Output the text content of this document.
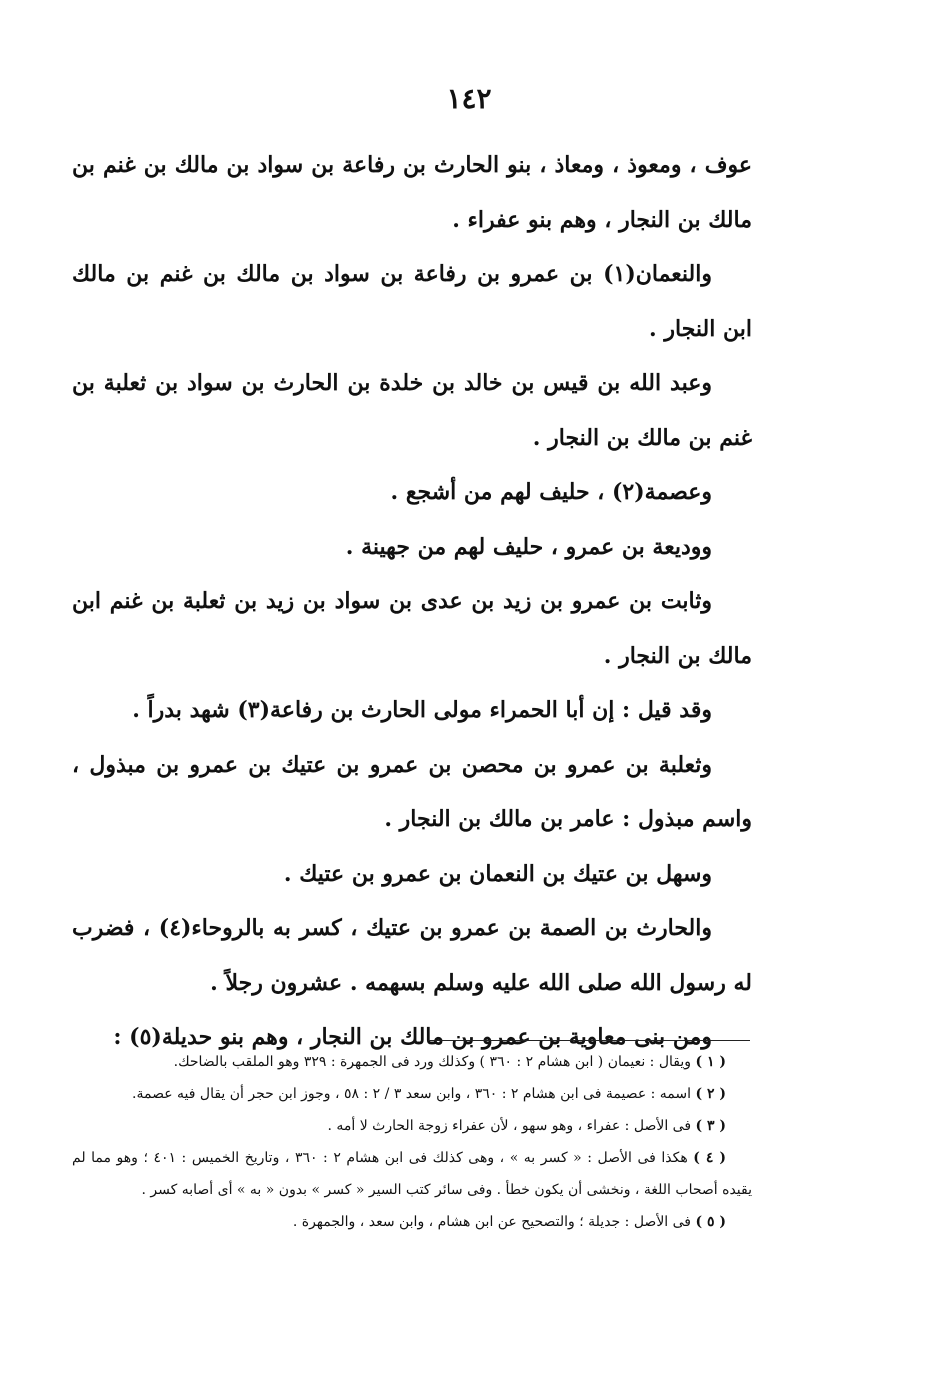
١٤٢

عوف ، ومعوذ ، ومعاذ ، بنو الحارث بن رفاعة بن سواد بن مالك بن غنم بن مالك بن النجار ، وهم بنو عفراء .

والنعمان(١) بن عمرو بن رفاعة بن سواد بن مالك بن غنم بن مالك ابن النجار .

وعبد الله بن قيس بن خالد بن خلدة بن الحارث بن سواد بن ثعلبة بن غنم بن مالك بن النجار .

وعصمة(٢) ، حليف لهم من أشجع .

ووديعة بن عمرو ، حليف لهم من جهينة .

وثابت بن عمرو بن زيد بن عدى بن سواد بن زيد بن ثعلبة بن غنم ابن مالك بن النجار .

وقد قيل : إن أبا الحمراء مولى الحارث بن رفاعة(٣) شهد بدراً .

وثعلبة بن عمرو بن محصن بن عمرو بن عتيك بن عمرو بن مبذول ، واسم مبذول : عامر بن مالك بن النجار .

وسهل بن عتيك بن النعمان بن عمرو بن عتيك .

والحارث بن الصمة بن عمرو بن عتيك ، كسر به بالروحاء(٤) ، فضرب له رسول الله صلى الله عليه وسلم بسهمه . عشرون رجلاً .

ومن بنى معاوية بن عمرو بن مالك بن النجار ، وهم بنو حديلة(٥) :

( ١ ) ويقال : نعيمان ( ابن هشام ٢ : ٣٦٠ ) وكذلك ورد فى الجمهرة : ٣٢٩ وهو الملقب بالضاحك.

( ٢ ) اسمه : عصيمة فى ابن هشام ٢ : ٣٦٠ ، وابن سعد ٣ / ٢ : ٥٨ ، وجوز ابن حجر أن يقال فيه عصمة.

( ٣ ) فى الأصل : عفراء ، وهو سهو ، لأن عفراء زوجة الحارث لا أمه .

( ٤ ) هكذا فى الأصل : « كسر به » ، وهى كذلك فى ابن هشام ٢ : ٣٦٠ ، وتاريخ الخميس : ٤٠١ ؛ وهو مما لم يقيده أصحاب اللغة ، ونخشى أن يكون خطأ . وفى سائر كتب السير « كسر » بدون « به » أى أصابه كسر .

( ٥ ) فى الأصل : جديلة ؛ والتصحيح عن ابن هشام ، وابن سعد ، والجمهرة .
